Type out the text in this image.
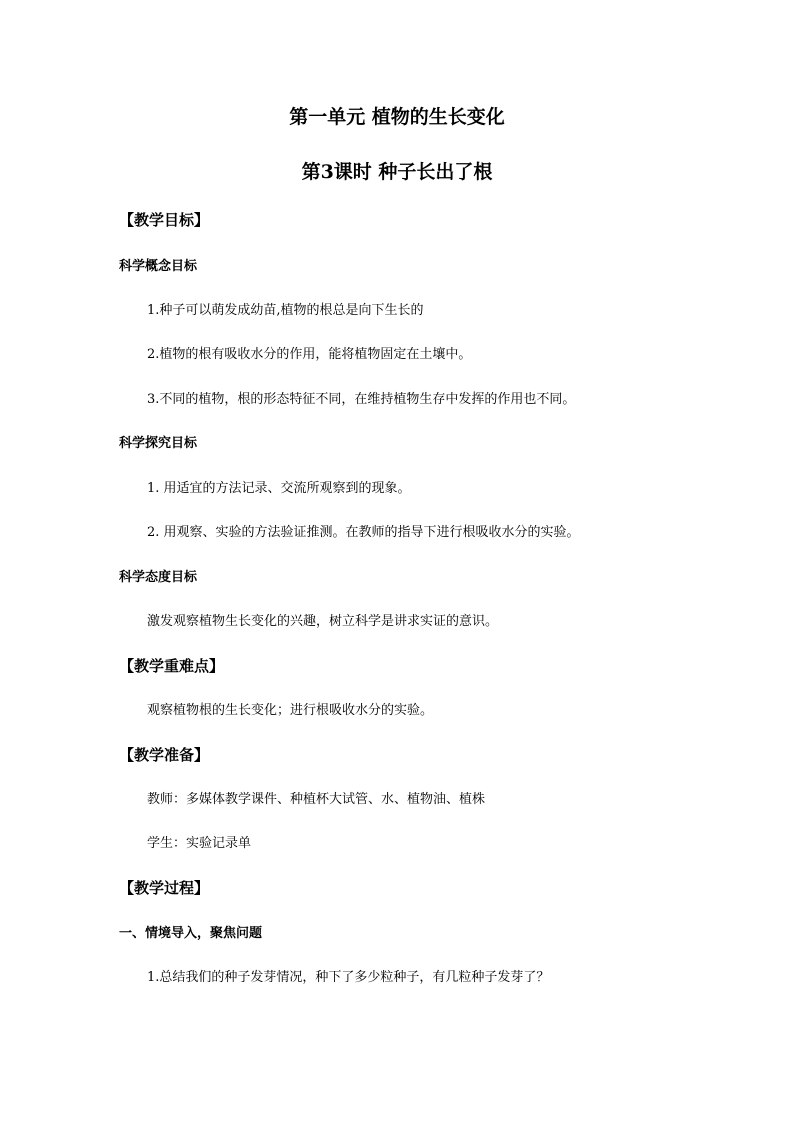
第一单元 植物的生长变化
第3课时 种子长出了根
【教学目标】
科学概念目标
1.种子可以萌发成幼苗,植物的根总是向下生长的
2.植物的根有吸收水分的作用，能将植物固定在土壤中。
3.不同的植物，根的形态特征不同，在维持植物生存中发挥的作用也不同。
科学探究目标
1. 用适宜的方法记录、交流所观察到的现象。
2. 用观察、实验的方法验证推测。在教师的指导下进行根吸收水分的实验。
科学态度目标
激发观察植物生长变化的兴趣，树立科学是讲求实证的意识。
【教学重难点】
观察植物根的生长变化；进行根吸收水分的实验。
【教学准备】
教师：多媒体教学课件、种植杯大试管、水、植物油、植株
学生：实验记录单
【教学过程】
一、情境导入，聚焦问题
1.总结我们的种子发芽情况，种下了多少粒种子，有几粒种子发芽了？
